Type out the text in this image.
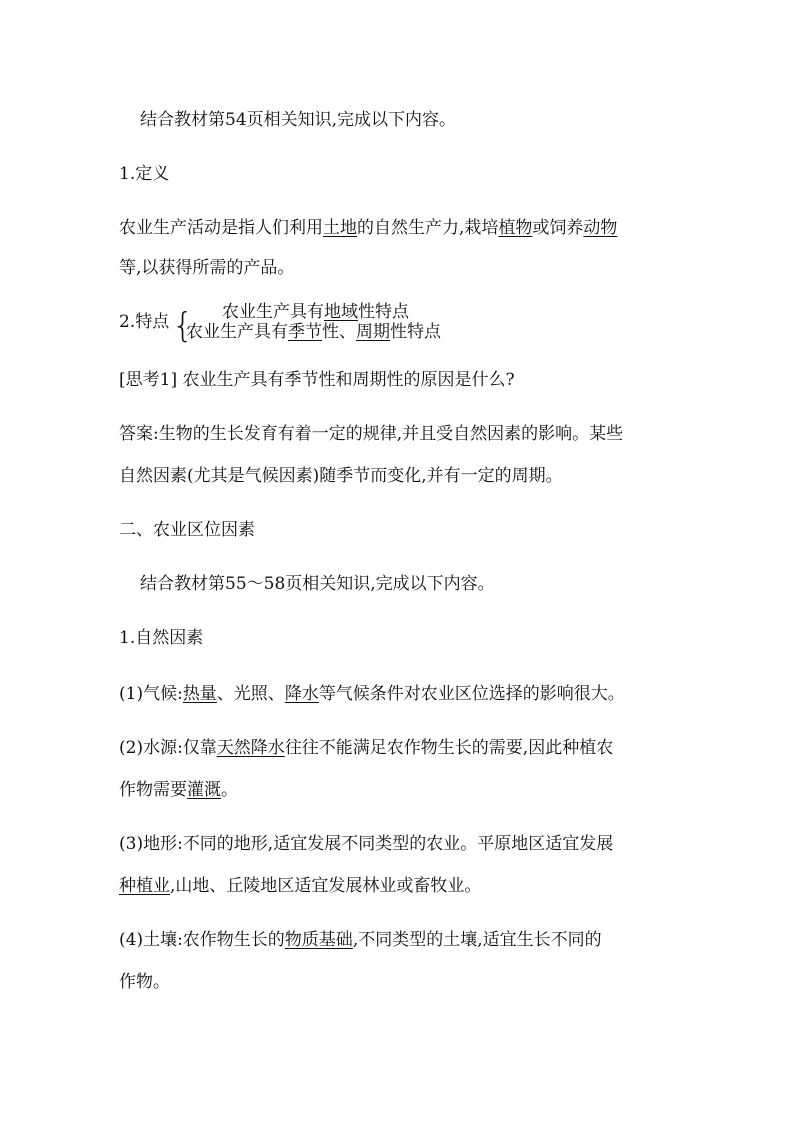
结合教材第54页相关知识,完成以下内容。

1.定义

农业生产活动是指人们利用土地的自然生产力,栽培植物或饲养动物

等,以获得所需的产品。

2.特点 { 农业生产具有地域性特点

农业生产具有季节性、周期性特点

[思考1] 农业生产具有季节性和周期性的原因是什么?

答案:生物的生长发育有着一定的规律,并且受自然因素的影响。某些

自然因素(尤其是气候因素)随季节而变化,并有一定的周期。

二、农业区位因素

结合教材第55～58页相关知识,完成以下内容。

1.自然因素

(1)气候:热量、光照、降水等气候条件对农业区位选择的影响很大。

(2)水源:仅靠天然降水往往不能满足农作物生长的需要,因此种植农

作物需要灌溉。

(3)地形:不同的地形,适宜发展不同类型的农业。平原地区适宜发展

种植业,山地、丘陵地区适宜发展林业或畜牧业。

(4)土壤:农作物生长的物质基础,不同类型的土壤,适宜生长不同的

作物。
